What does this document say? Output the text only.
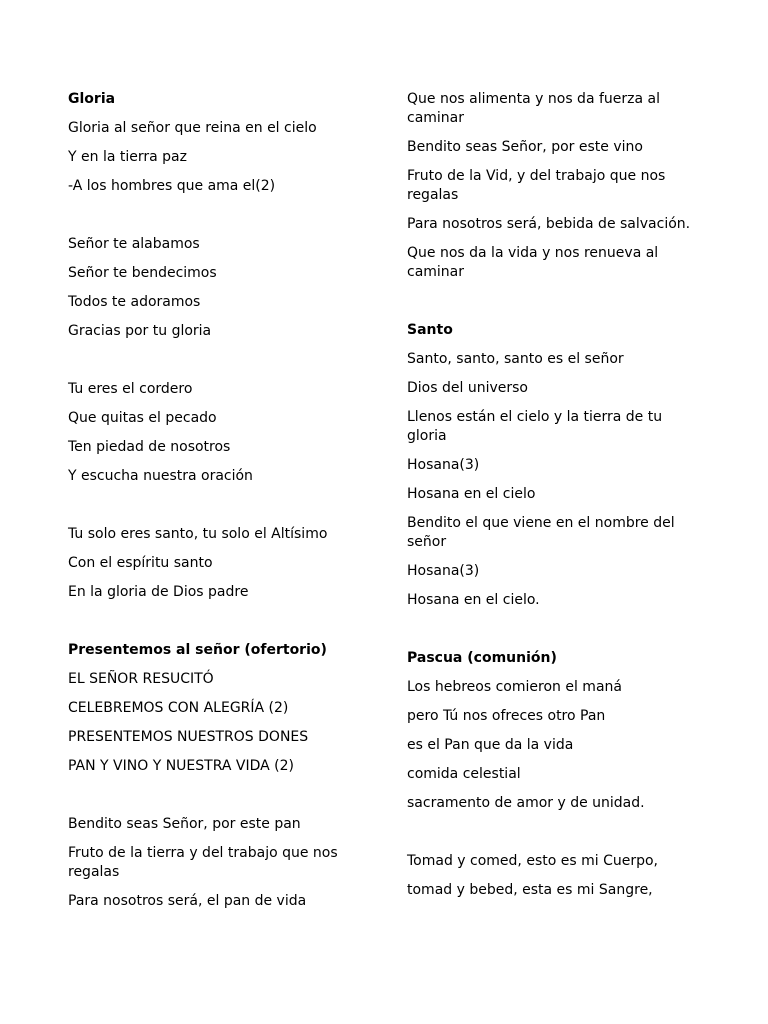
Gloria
Gloria al señor que reina en el cielo
Y en la tierra paz
-A los hombres que ama el(2)
Señor te alabamos
Señor te bendecimos
Todos te adoramos
Gracias por tu gloria
Tu eres el cordero
Que quitas el pecado
Ten piedad de nosotros
Y escucha nuestra oración
Tu solo eres santo, tu solo el Altísimo
Con el espíritu santo
En la gloria de Dios padre
Presentemos al señor (ofertorio)
EL SEÑOR RESUCITÓ
CELEBREMOS CON ALEGRÍA (2)
PRESENTEMOS NUESTROS DONES
PAN Y VINO Y NUESTRA VIDA (2)
Bendito seas Señor, por este pan
Fruto de la tierra y del trabajo que nos regalas
Para nosotros será, el pan de vida
Que nos alimenta y nos da fuerza al caminar
Bendito seas Señor, por este vino
Fruto de la Vid, y del trabajo que nos regalas
Para nosotros será, bebida de salvación.
Que nos da la vida y nos renueva al caminar
Santo
Santo, santo, santo es el señor
Dios del universo
Llenos están el cielo y la tierra de tu gloria
Hosana(3)
Hosana en el cielo
Bendito el que viene en el nombre del señor
Hosana(3)
Hosana en el cielo.
Pascua (comunión)
Los hebreos comieron el maná
pero Tú nos ofreces otro Pan
es el Pan que da la vida
comida celestial
sacramento de amor y de unidad.
Tomad y comed, esto es mi Cuerpo,
tomad y bebed, esta es mi Sangre,
